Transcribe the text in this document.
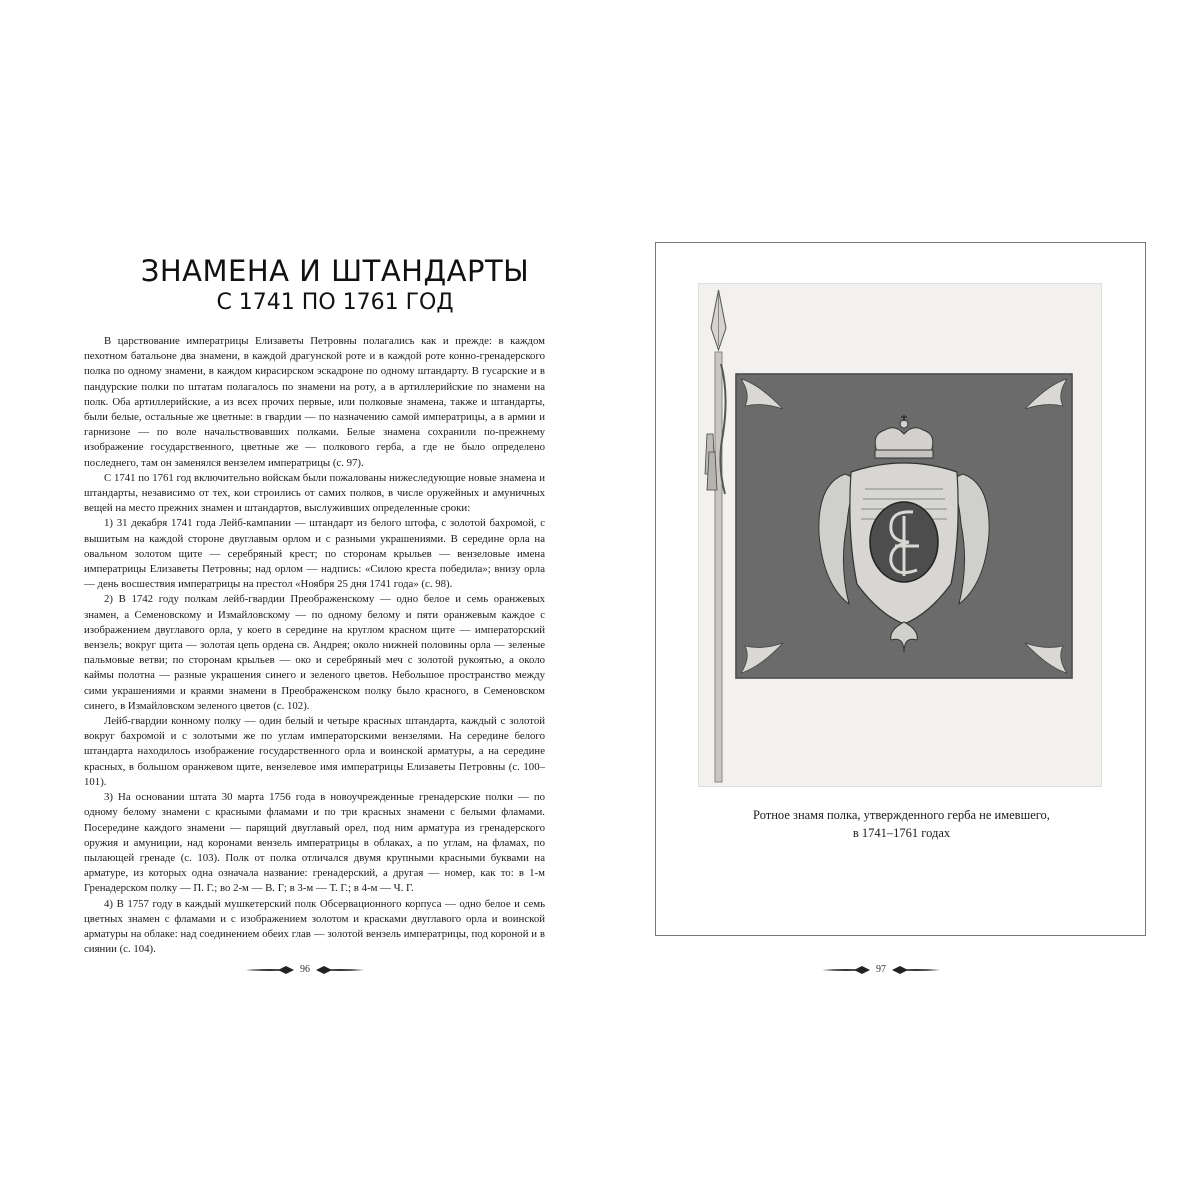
ЗНАМЕНА И ШТАНДАРТЫ
С 1741 ПО 1761 ГОД

В царствование императрицы Елизаветы Петровны полагались как и прежде: в каждом пехотном батальоне два знамени, в каждой драгунской роте и в каждой роте конно-гренадерского полка по одному знамени, в каждом кирасирском эскадроне по одному штандарту. В гусарские и в пандурские полки по штатам полагалось по знамени на роту, а в артиллерийские по знамени на полк. Оба артиллерийские, а из всех прочих первые, или полковые знамена, также и штандарты, были белые, остальные же цветные: в гвардии — по назначению самой императрицы, а в армии и гарнизоне — по воле начальствовавших полками. Белые знамена сохранили по-прежнему изображение государственного, цветные же — полкового герба, а где не было определено последнего, там он заменялся вензелем императрицы (с. 97).

С 1741 по 1761 год включительно войскам были пожалованы нижеследующие новые знамена и штандарты, независимо от тех, кои строились от самих полков, в числе оружейных и амуничных вещей на место прежних знамен и штандартов, выслуживших определенные сроки:

1) 31 декабря 1741 года Лейб-кампании — штандарт из белого штофа, с золотой бахромой, с вышитым на каждой стороне двуглавым орлом и с разными украшениями. В середине орла на овальном золотом щите — серебряный крест; по сторонам крыльев — вензеловые имена императрицы Елизаветы Петровны; над орлом — надпись: «Силою креста победила»; внизу орла — день восшествия императрицы на престол «Ноября 25 дня 1741 года» (с. 98).

2) В 1742 году полкам лейб-гвардии Преображенскому — одно белое и семь оранжевых знамен, а Семеновскому и Измайловскому — по одному белому и пяти оранжевым каждое с изображением двуглавого орла, у коего в середине на круглом красном щите — императорский вензель; вокруг щита — золотая цепь ордена св. Андрея; около нижней половины орла — зеленые пальмовые ветви; по сторонам крыльев — око и серебряный меч с золотой рукоятью, а около каймы полотна — разные украшения синего и зеленого цветов. Небольшое пространство между сими украшениями и краями знамени в Преображенском полку было красного, в Семеновском синего, в Измайловском зеленого цветов (с. 102).

Лейб-гвардии конному полку — один белый и четыре красных штандарта, каждый с золотой вокруг бахромой и с золотыми же по углам императорскими вензелями. На середине белого штандарта находилось изображение государственного орла и воинской арматуры, а на середине красных, в большом оранжевом щите, вензелевое имя императрицы Елизаветы Петровны (с. 100–101).

3) На основании штата 30 марта 1756 года в новоучрежденные гренадерские полки — по одному белому знамени с красными фламами и по три красных знамени с белыми фламами. Посередине каждого знамени — парящий двуглавый орел, под ним арматура из гренадерского оружия и амуниции, над коронами вензель императрицы в облаках, а по углам, на фламах, по пылающей гренаде (с. 103). Полк от полка отличался двумя крупными красными буквами на арматуре, из которых одна означала название: гренадерский, а другая — номер, как то: в 1-м Гренадерском полку — П. Г.; во 2-м — В. Г; в 3-м — Т. Г.; в 4-м — Ч. Г.

4) В 1757 году в каждый мушкетерский полк Обсервационного корпуса — одно белое и семь цветных знамен с фламами и с изображением золотом и красками двуглавого орла и воинской арматуры на облаке: над соединением обеих глав — золотой вензель императрицы, под короной и в сиянии (с. 104).

96
Ротное знамя полка, утвержденного герба не имевшего,
в 1741–1761 годах
97
